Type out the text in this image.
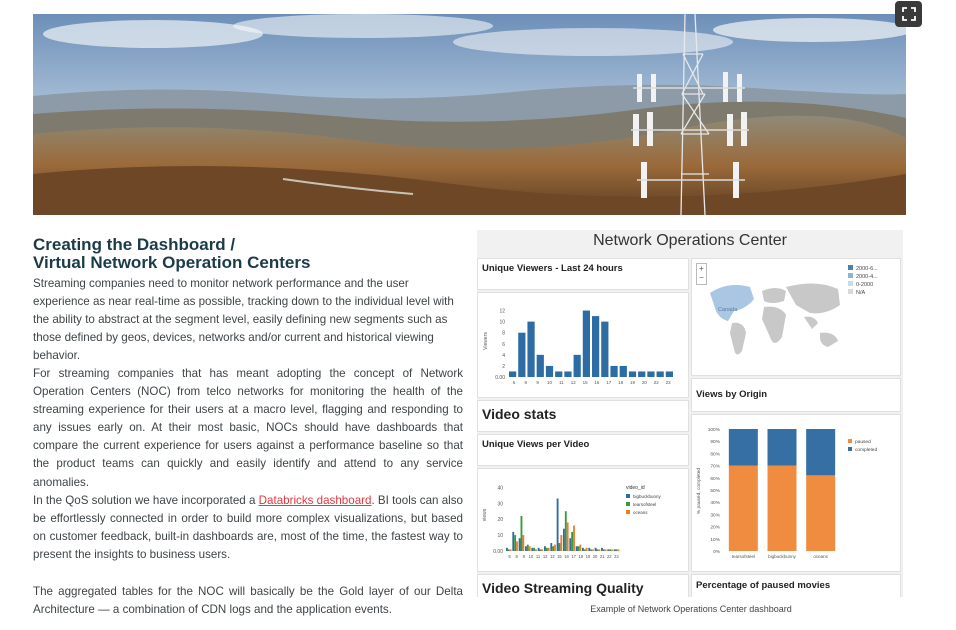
Creating the Dashboard /
Virtual Network Operation Centers

Streaming companies need to monitor network performance and the user experience as near real-time as possible, tracking down to the individual level with the ability to abstract at the segment level, easily defining new segments such as those defined by geos, devices, networks and/or current and historical viewing behavior.

For streaming companies that has meant adopting the concept of Network Operation Centers (NOC) from telco networks for monitoring the health of the streaming experience for their users at a macro level, flagging and responding to any issues early on. At their most basic, NOCs should have dashboards that compare the current experience for users against a performance baseline so that the product teams can quickly and easily identify and attend to any service anomalies.

In the QoS solution we have incorporated a Databricks dashboard. BI tools can also be effortlessly connected in order to build more complex visualizations, but based on customer feedback, built-in dashboards are, most of the time, the fastest way to present the insights to business users.

The aggregated tables for the NOC will basically be the Gold layer of our Delta Architecture — a combination of CDN logs and the application events.

Network Operations Center
Unique Viewers - Last 24 hours
0.00
2
4
6
8
10
12
Viewers
6 8 9 10 11 12 15 16 17 18 19 20 22 23
Video stats
Unique Views per Video
0.00
10
20
30
40
views
6 8 9 10 11 12 13 15 16 17 18 19 20 21 22 23
video_id
bigbuckbunny
tearsofsteel
oceans
Video Streaming Quality
+
−
Canada
2000-6...
2000-4...
0-2000
N/A
Views by Origin
0%
10%
20%
30%
40%
50%
60%
70%
80%
90%
100%
% paused, completed
tearsofsteel	bigbuckbunny	oceans
paused
completed
Percentage of paused movies
Example of Network Operations Center dashboard
